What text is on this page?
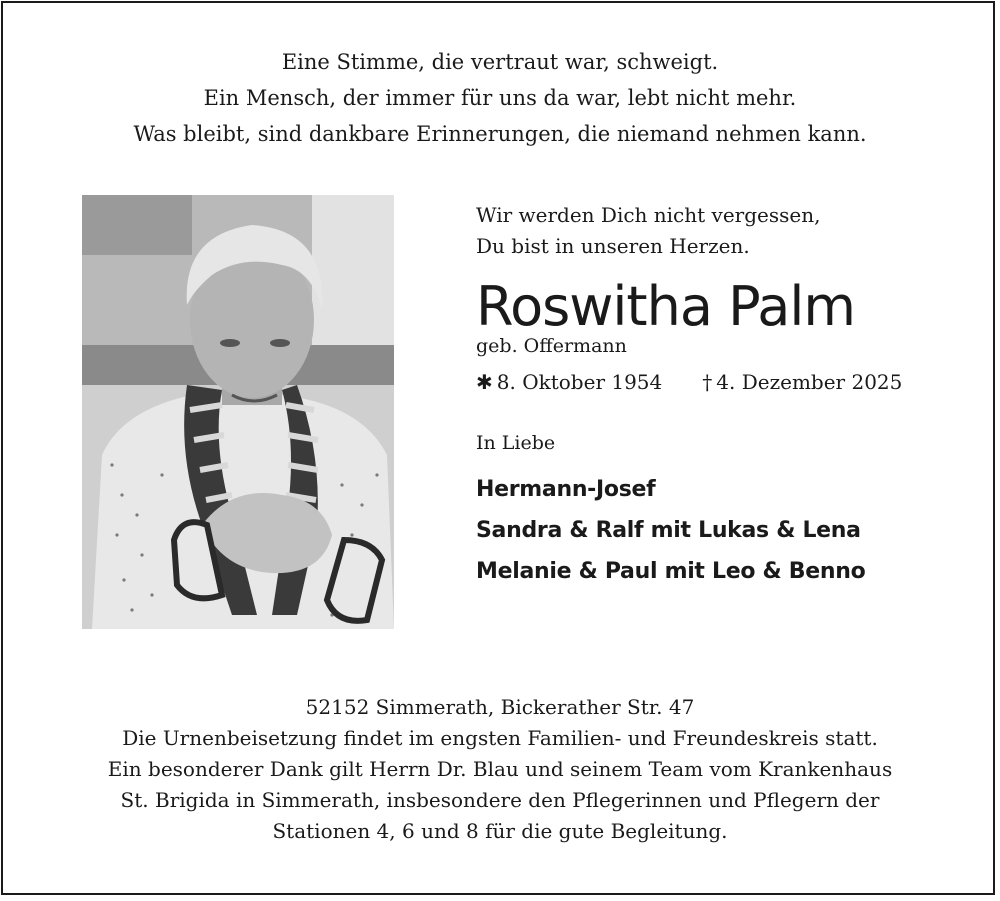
Eine Stimme, die vertraut war, schweigt.
Ein Mensch, der immer für uns da war, lebt nicht mehr.
Was bleibt, sind dankbare Erinnerungen, die niemand nehmen kann.
Wir werden Dich nicht vergessen,
Du bist in unseren Herzen.
Roswitha Palm
geb. Offermann
✱ 8. Oktober 1954 † 4. Dezember 2025
In Liebe
Hermann-Josef
Sandra & Ralf mit Lukas & Lena
Melanie & Paul mit Leo & Benno
52152 Simmerath, Bickerather Str. 47
Die Urnenbeisetzung findet im engsten Familien- und Freundeskreis statt.
Ein besonderer Dank gilt Herrn Dr. Blau und seinem Team vom Krankenhaus
St. Brigida in Simmerath, insbesondere den Pflegerinnen und Pflegern der
Stationen 4, 6 und 8 für die gute Begleitung.
